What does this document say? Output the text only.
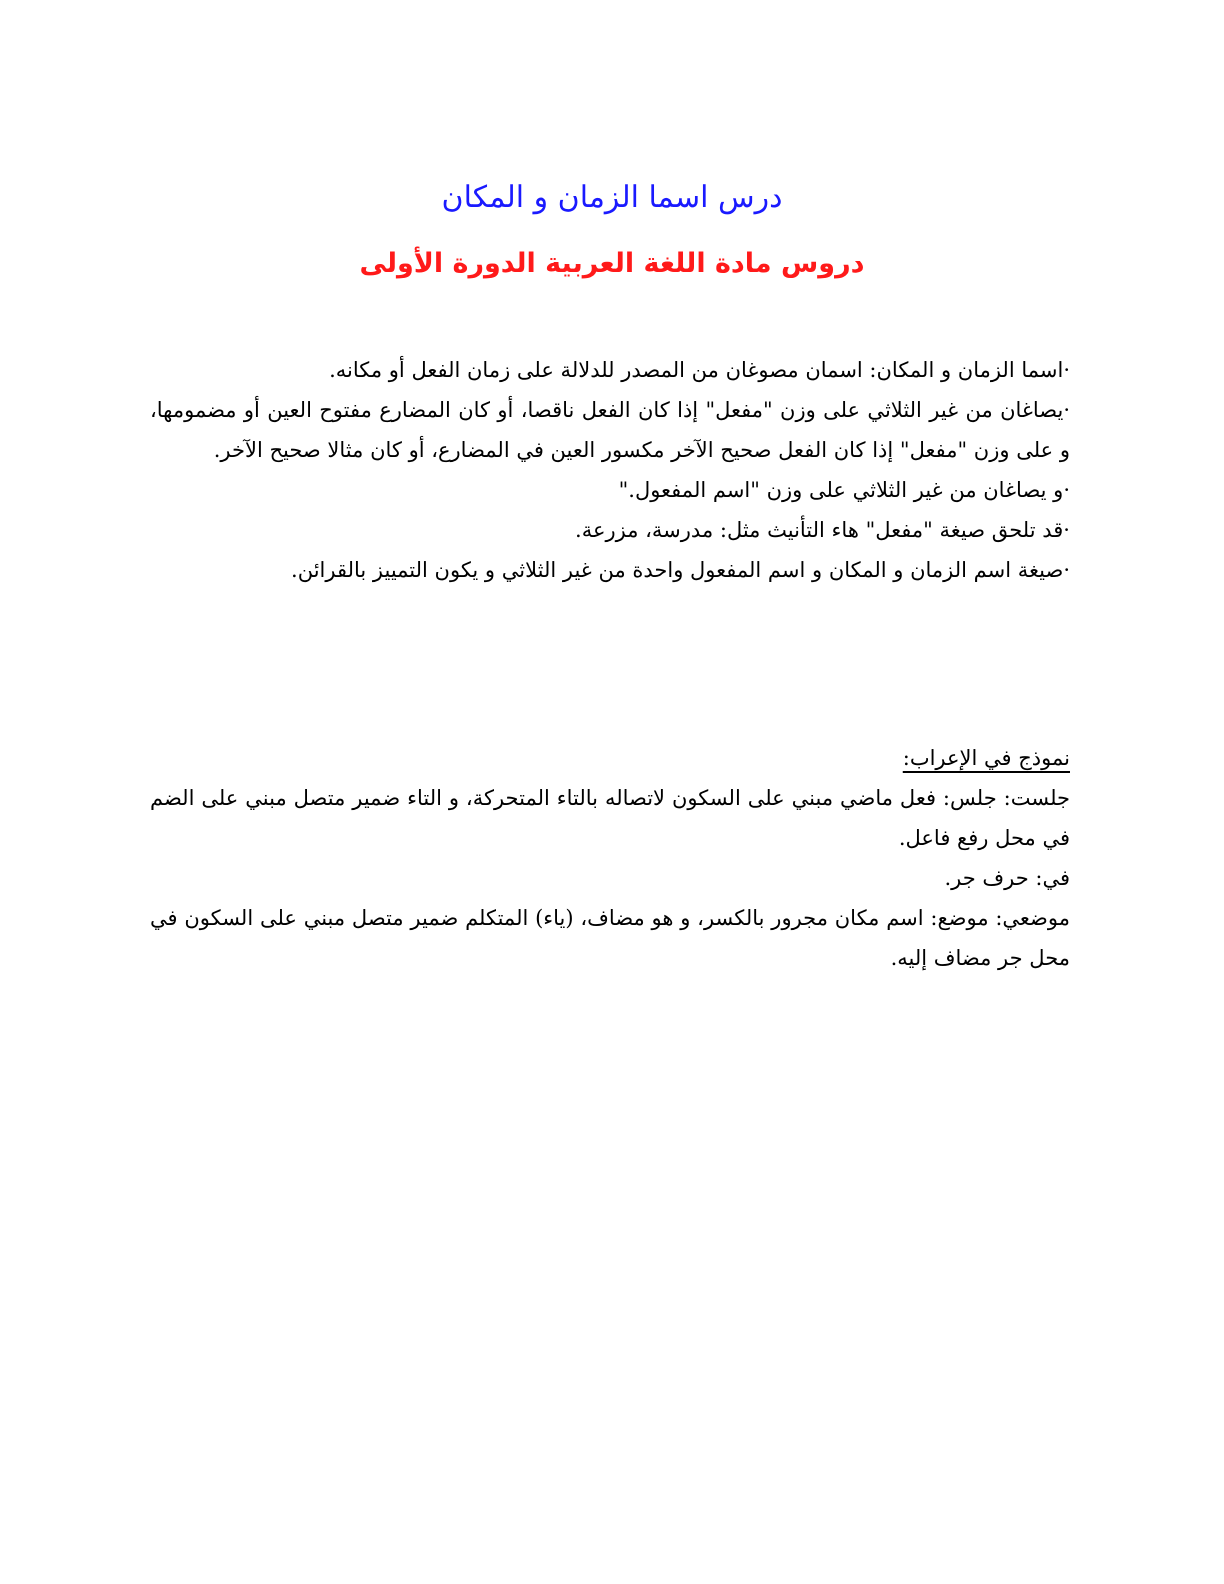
درس اسما الزمان و المكان
دروس مادة اللغة العربية الدورة الأولى

·اسما الزمان و المكان: اسمان مصوغان من المصدر للدلالة على زمان الفعل أو مكانه.

·يصاغان من غير الثلاثي على وزن "مفعل" إذا كان الفعل ناقصا، أو كان المضارع مفتوح العين أو مضمومها، و على وزن "مفعل" إذا كان الفعل صحيح الآخر مكسور العين في المضارع، أو كان مثالا صحيح الآخر.

·و يصاغان من غير الثلاثي على وزن "اسم المفعول."

·قد تلحق صيغة "مفعل" هاء التأنيث مثل: مدرسة، مزرعة.

·صيغة اسم الزمان و المكان و اسم المفعول واحدة من غير الثلاثي و يكون التمييز بالقرائن.

نموذج في الإعراب:

جلست: جلس: فعل ماضي مبني على السكون لاتصاله بالتاء المتحركة، و التاء ضمير متصل مبني على الضم في محل رفع فاعل.

في: حرف جر.

موضعي: موضع: اسم مكان مجرور بالكسر، و هو مضاف، (ياء) المتكلم ضمير متصل مبني على السكون في محل جر مضاف إليه.
